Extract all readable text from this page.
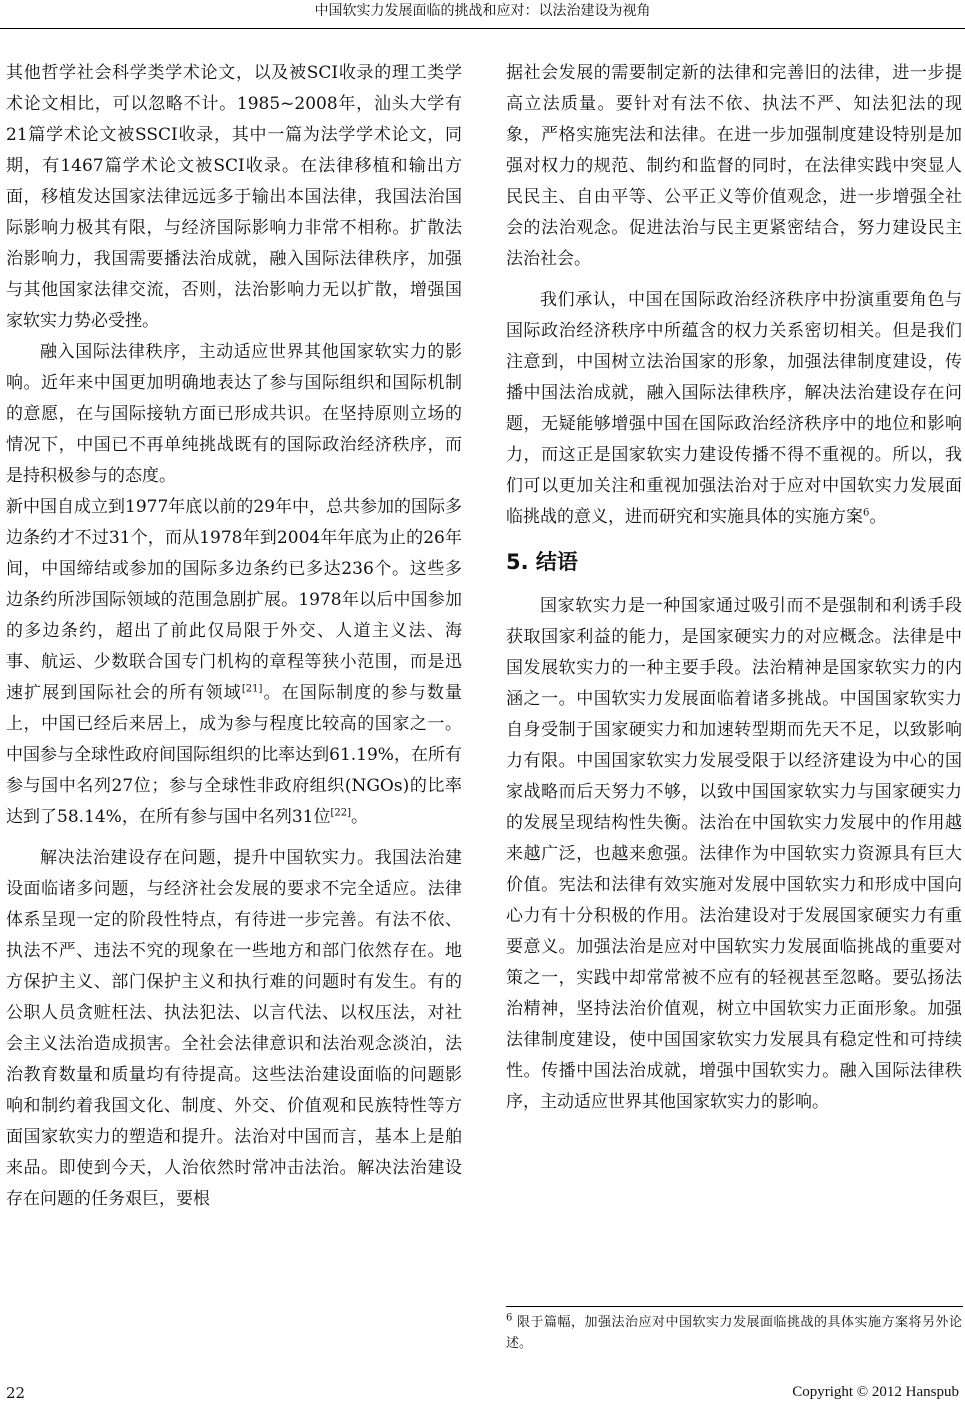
中国软实力发展面临的挑战和应对：以法治建设为视角

其他哲学社会科学类学术论文，以及被SCI收录的理工类学术论文相比，可以忽略不计。1985~2008年，汕头大学有21篇学术论文被SSCI收录，其中一篇为法学学术论文，同期，有1467篇学术论文被SCI收录。在法律移植和输出方面，移植发达国家法律远远多于输出本国法律，我国法治国际影响力极其有限，与经济国际影响力非常不相称。扩散法治影响力，我国需要播法治成就，融入国际法律秩序，加强与其他国家法律交流，否则，法治影响力无以扩散，增强国家软实力势必受挫。

融入国际法律秩序，主动适应世界其他国家软实力的影响。近年来中国更加明确地表达了参与国际组织和国际机制的意愿，在与国际接轨方面已形成共识。在坚持原则立场的情况下，中国已不再单纯挑战既有的国际政治经济秩序，而是持积极参与的态度。

新中国自成立到1977年底以前的29年中，总共参加的国际多边条约才不过31个，而从1978年到2004年年底为止的26年间，中国缔结或参加的国际多边条约已多达236个。这些多边条约所涉国际领域的范围急剧扩展。1978年以后中国参加的多边条约，超出了前此仅局限于外交、人道主义法、海事、航运、少数联合国专门机构的章程等狭小范围，而是迅速扩展到国际社会的所有领域[21]。在国际制度的参与数量上，中国已经后来居上，成为参与程度比较高的国家之一。中国参与全球性政府间国际组织的比率达到61.19%，在所有参与国中名列27位；参与全球性非政府组织(NGOs)的比率达到了58.14%，在所有参与国中名列31位[22]。

解决法治建设存在问题，提升中国软实力。我国法治建设面临诸多问题，与经济社会发展的要求不完全适应。法律体系呈现一定的阶段性特点，有待进一步完善。有法不依、执法不严、违法不究的现象在一些地方和部门依然存在。地方保护主义、部门保护主义和执行难的问题时有发生。有的公职人员贪赃枉法、执法犯法、以言代法、以权压法，对社会主义法治造成损害。全社会法律意识和法治观念淡泊，法治教育数量和质量均有待提高。这些法治建设面临的问题影响和制约着我国文化、制度、外交、价值观和民族特性等方面国家软实力的塑造和提升。法治对中国而言，基本上是舶来品。即使到今天，人治依然时常冲击法治。解决法治建设存在问题的任务艰巨，要根

据社会发展的需要制定新的法律和完善旧的法律，进一步提高立法质量。要针对有法不依、执法不严、知法犯法的现象，严格实施宪法和法律。在进一步加强制度建设特别是加强对权力的规范、制约和监督的同时，在法律实践中突显人民民主、自由平等、公平正义等价值观念，进一步增强全社会的法治观念。促进法治与民主更紧密结合，努力建设民主法治社会。

我们承认，中国在国际政治经济秩序中扮演重要角色与国际政治经济秩序中所蕴含的权力关系密切相关。但是我们注意到，中国树立法治国家的形象，加强法律制度建设，传播中国法治成就，融入国际法律秩序，解决法治建设存在问题，无疑能够增强中国在国际政治经济秩序中的地位和影响力，而这正是国家软实力建设传播不得不重视的。所以，我们可以更加关注和重视加强法治对于应对中国软实力发展面临挑战的意义，进而研究和实施具体的实施方案$^6$。

5. 结语

国家软实力是一种国家通过吸引而不是强制和利诱手段获取国家利益的能力，是国家硬实力的对应概念。法律是中国发展软实力的一种主要手段。法治精神是国家软实力的内涵之一。中国软实力发展面临着诸多挑战。中国国家软实力自身受制于国家硬实力和加速转型期而先天不足，以致影响力有限。中国国家软实力发展受限于以经济建设为中心的国家战略而后天努力不够，以致中国国家软实力与国家硬实力的发展呈现结构性失衡。法治在中国软实力发展中的作用越来越广泛，也越来愈强。法律作为中国软实力资源具有巨大价值。宪法和法律有效实施对发展中国软实力和形成中国向心力有十分积极的作用。法治建设对于发展国家硬实力有重要意义。加强法治是应对中国软实力发展面临挑战的重要对策之一，实践中却常常被不应有的轻视甚至忽略。要弘扬法治精神，坚持法治价值观，树立中国软实力正面形象。加强法律制度建设，使中国国家软实力发展具有稳定性和可持续性。传播中国法治成就，增强中国软实力。融入国际法律秩序，主动适应世界其他国家软实力的影响。

$^6$ 限于篇幅，加强法治应对中国软实力发展面临挑战的具体实施方案将另外论述。
22	Copyright © 2012 Hanspub
